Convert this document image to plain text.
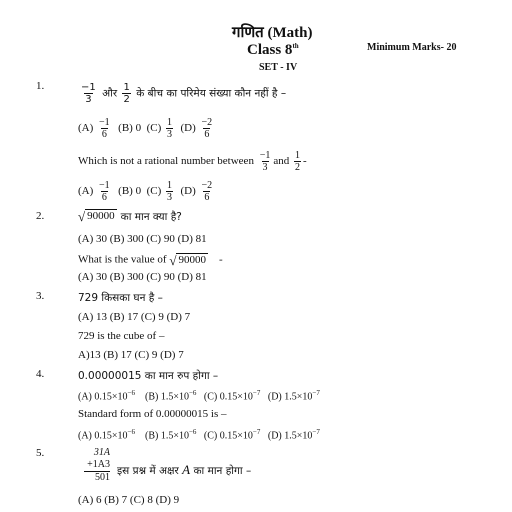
गणित (Math)
Class 8th
SET - IV
Minimum Marks- 20
1.	$\frac{-1}{3}$ और $\frac{1}{2}$ के बीच का परिमेय संख्या कौन नहीं है –
$(A) \frac{-1}{6} (B)$ 0 $(C) \frac{1}{3} (D) \frac{-2}{6}$
Which is not a rational number between $\frac{-1}{3}$ and $\frac{1}{2}$ -
$(A) \frac{-1}{6} (B)$ 0 $(C) \frac{1}{3} (D) \frac{-2}{6}$
2.	√ 90000 का मान क्या है?
(A) 30 (B) 300 (C) 90 (D) 81
What is the value of √ 90000 -
(A) 30 (B) 300 (C) 90 (D) 81
3.	729 किसका घन है –
(A) 13 (B) 17 (C) 9 (D) 7
729 is the cube of –
A)13 (B) 17 (C) 9 (D) 7
4.	0.00000015 का मान रुप होगा –
(A) $0.15\times 10^{-6}$ (B) $1.5\times 10^{-6}$ (C) $0.15\times 10^{-7}$ (D) $1.5\times 10^{-7}$
Standard form of 0.00000015 is –
(A) $0.15\times 10^{-6}$ (B) $1.5\times 10^{-6}$ (C) $0.15\times 10^{-7}$ (D) $1.5\times 10^{-7}$
5.	31A
+1A3
501
इस प्रश्न में अक्षर A का मान होगा –
(A) 6 (B) 7 (C) 8 (D) 9
